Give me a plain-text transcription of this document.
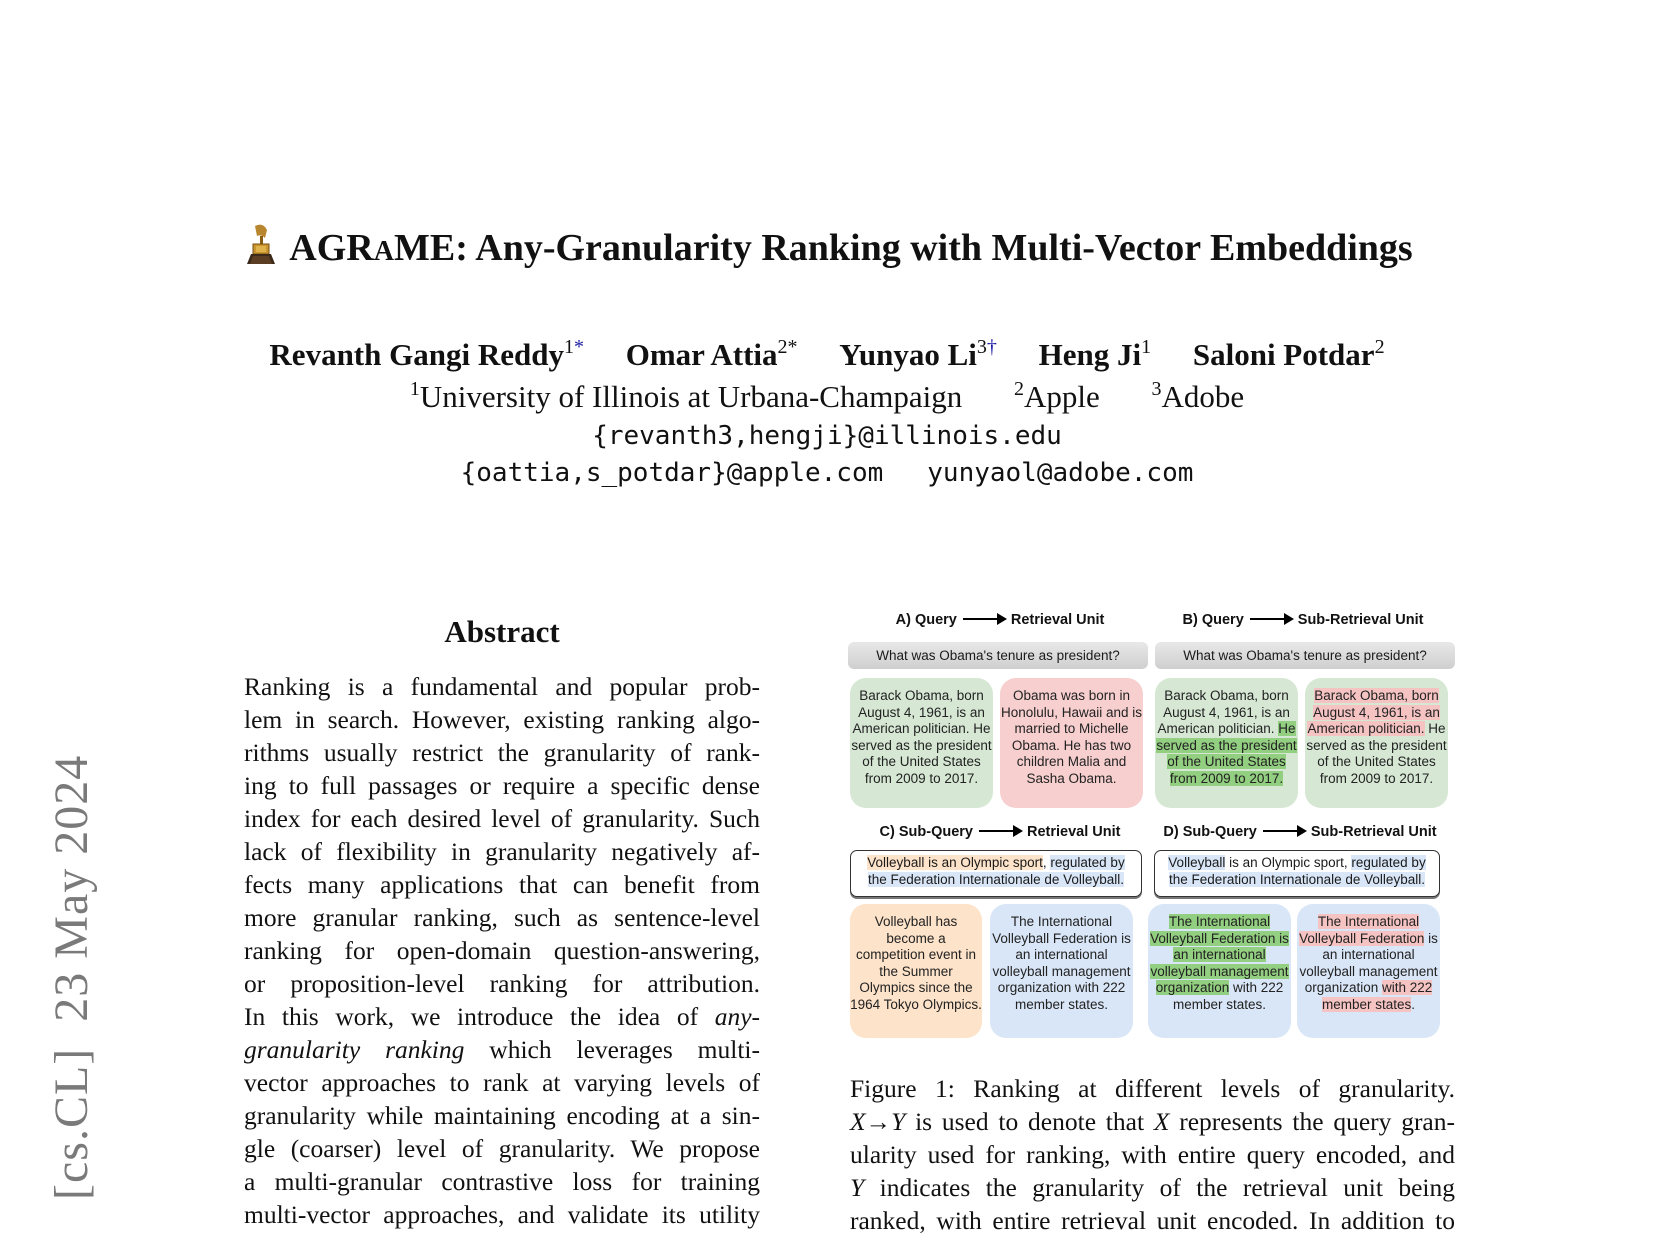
[cs.CL]  23 May 2024
AGRAME: Any-Granularity Ranking with Multi-Vector Embeddings
Revanth Gangi Reddy$^{1*}$ Omar Attia$^{2*}$ Yunyao $Li^{3\dagger}$ Heng Ji$^1$ Saloni Potdar$^2$
$^1$University of Illinois at Urbana-Champaign	$^2$Apple	$^3$Adobe
{revanth3,hengji}@illinois.edu
{oattia,s_potdar}@apple.com yunyaol@adobe.com
Abstract
Ranking is a fundamental and popular prob-
lem in search. However, existing ranking algo-
rithms usually restrict the granularity of rank-
ing to full passages or require a specific dense
index for each desired level of granularity. Such
lack of flexibility in granularity negatively af-
fects many applications that can benefit from
more granular ranking, such as sentence-level
ranking for open-domain question-answering,
or proposition-level ranking for attribution.
In this work, we introduce the idea of any-
granularity ranking which leverages multi-
vector approaches to rank at varying levels of
granularity while maintaining encoding at a sin-
gle (coarser) level of granularity. We propose
a multi-granular contrastive loss for training
multi-vector approaches, and validate its utility
A) Query	Retrieval Unit
What was Obama's tenure as president?
Barack Obama, born August 4, 1961, is an American politician. He served as the president of the United States from 2009 to 2017.
Obama was born in Honolulu, Hawaii and is married to Michelle Obama. He has two children Malia and Sasha Obama.
B) Query	Sub-Retrieval Unit
What was Obama's tenure as president?
Barack Obama, born August 4, 1961, is an American politician. He served as the president of the United States from 2009 to 2017.
Barack Obama, born August 4, 1961, is an American politician. He served as the president of the United States from 2009 to 2017.
C) Sub-Query	Retrieval Unit
Volleyball is an Olympic sport, regulated by
the Federation Internationale de Volleyball.
Volleyball has become a competition event in the Summer Olympics since the 1964 Tokyo Olympics.
The International Volleyball Federation is an international volleyball management organization with 222 member states.
D) Sub-Query	Sub-Retrieval Unit
Volleyball is an Olympic sport, regulated by
the Federation Internationale de Volleyball.
The International Volleyball Federation is an international volleyball management organization with 222 member states.
The International Volleyball Federation is an international volleyball management organization with 222 member states.
Figure 1: Ranking at different levels of granularity.
X→Y is used to denote that X represents the query gran-
ularity used for ranking, with entire query encoded, and
Y indicates the granularity of the retrieval unit being
ranked, with entire retrieval unit encoded. In addition to
